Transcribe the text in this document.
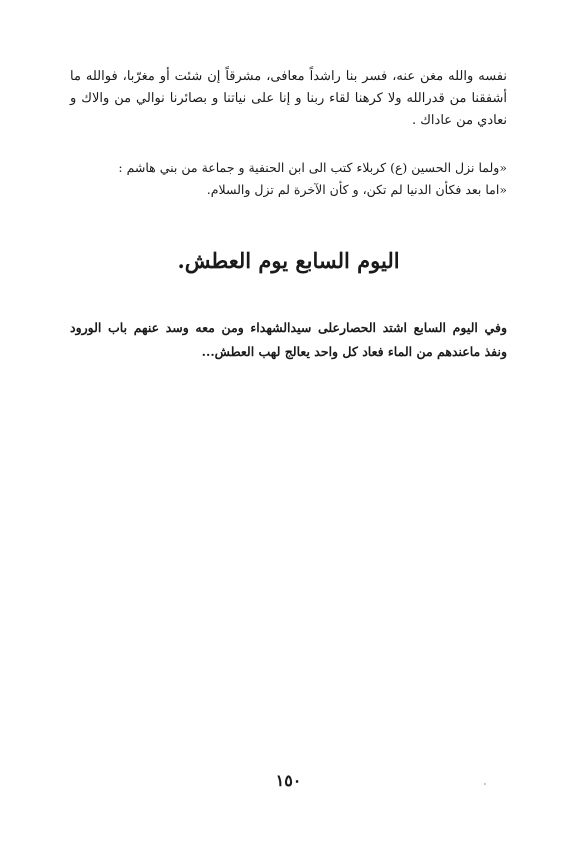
نفسه والله مغن عنه، فسر بنا راشداً معافى، مشرقاً إن شئت أو مغرّبا، فوالله ما أشفقنا من قدرالله ولا كرهنا لقاء ربنا و إنا على نياتنا و بصائرنا نوالي من والاك و نعادي من عاداك .
«ولما نزل الحسين (ع) كربلاء كتب الى ابن الحنفية و جماعة من بني هاشم :
«اما بعد فكأن الدنيا لم تكن، و كأن الآخرة لم تزل والسلام.
اليوم السابع يوم العطش.
وفي اليوم السابع اشتد الحصارعلى سيدالشهداء ومن معه وسد عنهم باب الورود ونفذ ماعندهم من الماء فعاد كل واحد يعالج لهب العطش...
١٥٠
